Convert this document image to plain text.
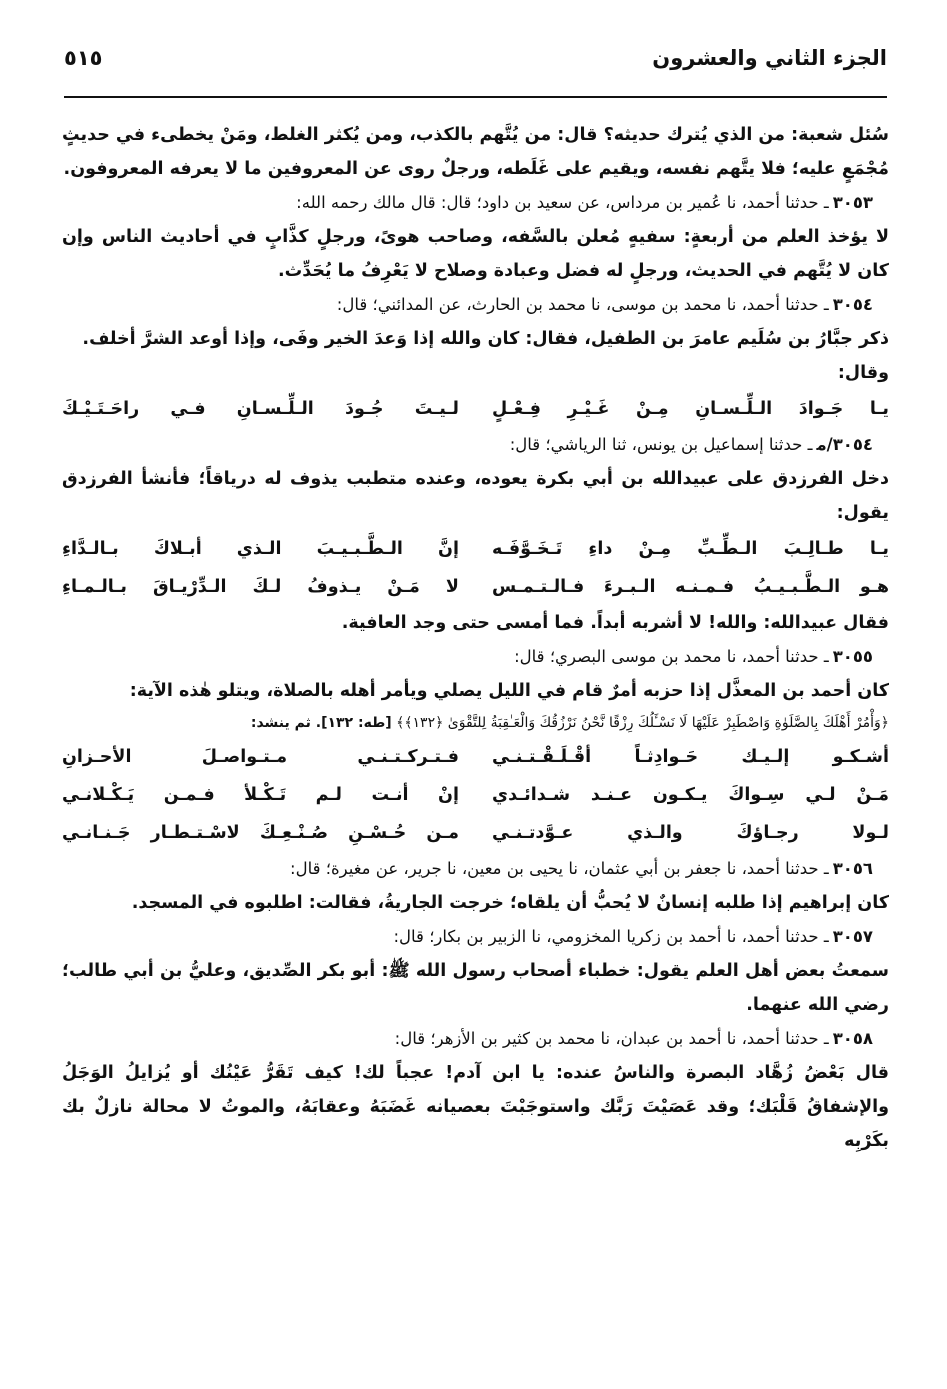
الجزء الثاني والعشرون
٥١٥

سُئل شعبة: من الذي يُترك حديثه؟ قال: من يُتَّهم بالكذب، ومن يُكثر الغلط، ومَنْ يخطىء في حديثٍ مُجْمَعٍ عليه؛ فلا يتَّهم نفسه، ويقيم على غَلَطه، ورجلٌ روى عن المعروفين ما لا يعرفه المعروفون.

٣٠٥٣ـ حدثنا أحمد، نا عُمير بن مرداس، عن سعيد بن داود؛ قال: قال مالك رحمه الله:

لا يؤخذ العلم من أربعةٍ: سفيهٍ مُعلن بالسَّفه، وصاحب هوىً، ورجلٍ كذَّابٍ في أحاديث الناس وإن كان لا يُتَّهم في الحديث، ورجلٍ له فضل وعبادة وصلاح لا يَعْرِفُ ما يُحَدِّث.

٣٠٥٤ـ حدثنا أحمد، نا محمد بن موسى، نا محمد بن الحارث، عن المدائني؛ قال:

ذكر جبَّارُ بن سُلَيم عامرَ بن الطفيل، فقال: كان والله إذا وَعدَ الخير وفَى، وإذا أوعد الشرَّ أخلف.

وقال:

يـا جَـوادَ الـلِّـسـانِ مِـنْ غَـيْـرِ فِـعْـلٍ
لـيـتَ جُـودَ الـلِّـسـانِ فـي راحَـتَـيْـكَ

٣٠٥٤/مـ حدثنا إسماعيل بن يونس، ثنا الرياشي؛ قال:

دخل الفرزدق على عبيدالله بن أبي بكرة يعوده، وعنده متطبب يذوف له درياقاً؛ فأنشأ الفرزدق يقول:

يـا طـالِـبَ الـطِّـبِّ مِـنْ داءِ تَـخَـوَّفَـه
إنَّ الـطَّـبـيـبَ الـذي أبـلاكَ بـالـدَّاءِ
هـو الـطَّـبـيـبُ فـمـنـه الـبـرءَ فـالـتـمـس
لا مَـنْ يـذوفُ لـكَ الـدِّرْيـاقَ بـالـمـاءِ

فقال عبيدالله: والله! لا أشربه أبداً. فما أمسى حتى وجد العافية.

٣٠٥٥ـ حدثنا أحمد، نا محمد بن موسى البصري؛ قال:

كان أحمد بن المعذَّل إذا حزبه أمرٌ قام في الليل يصلي ويأمر أهله بالصلاة، ويتلو هٰذه الآية:

﴿وَأْمُرْ أَهْلَكَ بِالصَّلَوٰةِ وَاصْطَبِرْ عَلَيْهَا لَا نَسْـَٔلُكَ رِزْقًا نَّحْنُ نَرْزُقُكَ وَالْعَـٰقِبَةُ لِلتَّقْوَىٰ ﴿١٣٢﴾﴾ [طه: ١٣٢]. ثم ينشد:

أشـكـو إلـيـك حَـوادِثـاً أقْـلَـقْـتـنـي
فـتـركـتـنـي مـتـواصـلَ الأحـزانِ
مَـنْ لـي سِـواكَ يـكـون عـنـد شـدائـدي
إنْ أنـت لـم تَـكْـلأ فـمـن يَـكْـلانـي
لـولا رجـاؤكَ والـذي عـوَّدتـنـي
مـن حُـسْـنِ صُـنْـعِـكَ لاسْـتـطـار جَـنـانـي

٣٠٥٦ـ حدثنا أحمد، نا جعفر بن أبي عثمان، نا يحيى بن معين، نا جرير، عن مغيرة؛ قال:

كان إبراهيم إذا طلبه إنسانٌ لا يُحبُّ أن يلقاه؛ خرجت الجاريةُ، فقالت: اطلبوه في المسجد.

٣٠٥٧ـ حدثنا أحمد، نا أحمد بن زكريا المخزومي، نا الزبير بن بكار؛ قال:

سمعتُ بعض أهل العلم يقول: خطباء أصحاب رسول الله ﷺ: أبو بكر الصِّديق، وعليُّ بن أبي طالب؛ رضي الله عنهما.

٣٠٥٨ـ حدثنا أحمد، نا أحمد بن عبدان، نا محمد بن كثير بن الأزهر؛ قال:

قال بَعْضُ زُهَّاد البصرة والناسُ عنده: يا ابن آدم! عجباً لك! كيف تَقَرُّ عَيْنُك أو يُزايلُ الوَجَلُ والإشفاقُ قَلْبَك؛ وقد عَصَيْتَ رَبَّك واستوجَبْتَ بعصيانه غَضَبَهُ وعقابَهُ، والموتُ لا محالة نازلٌ بك بكَرْبِه
